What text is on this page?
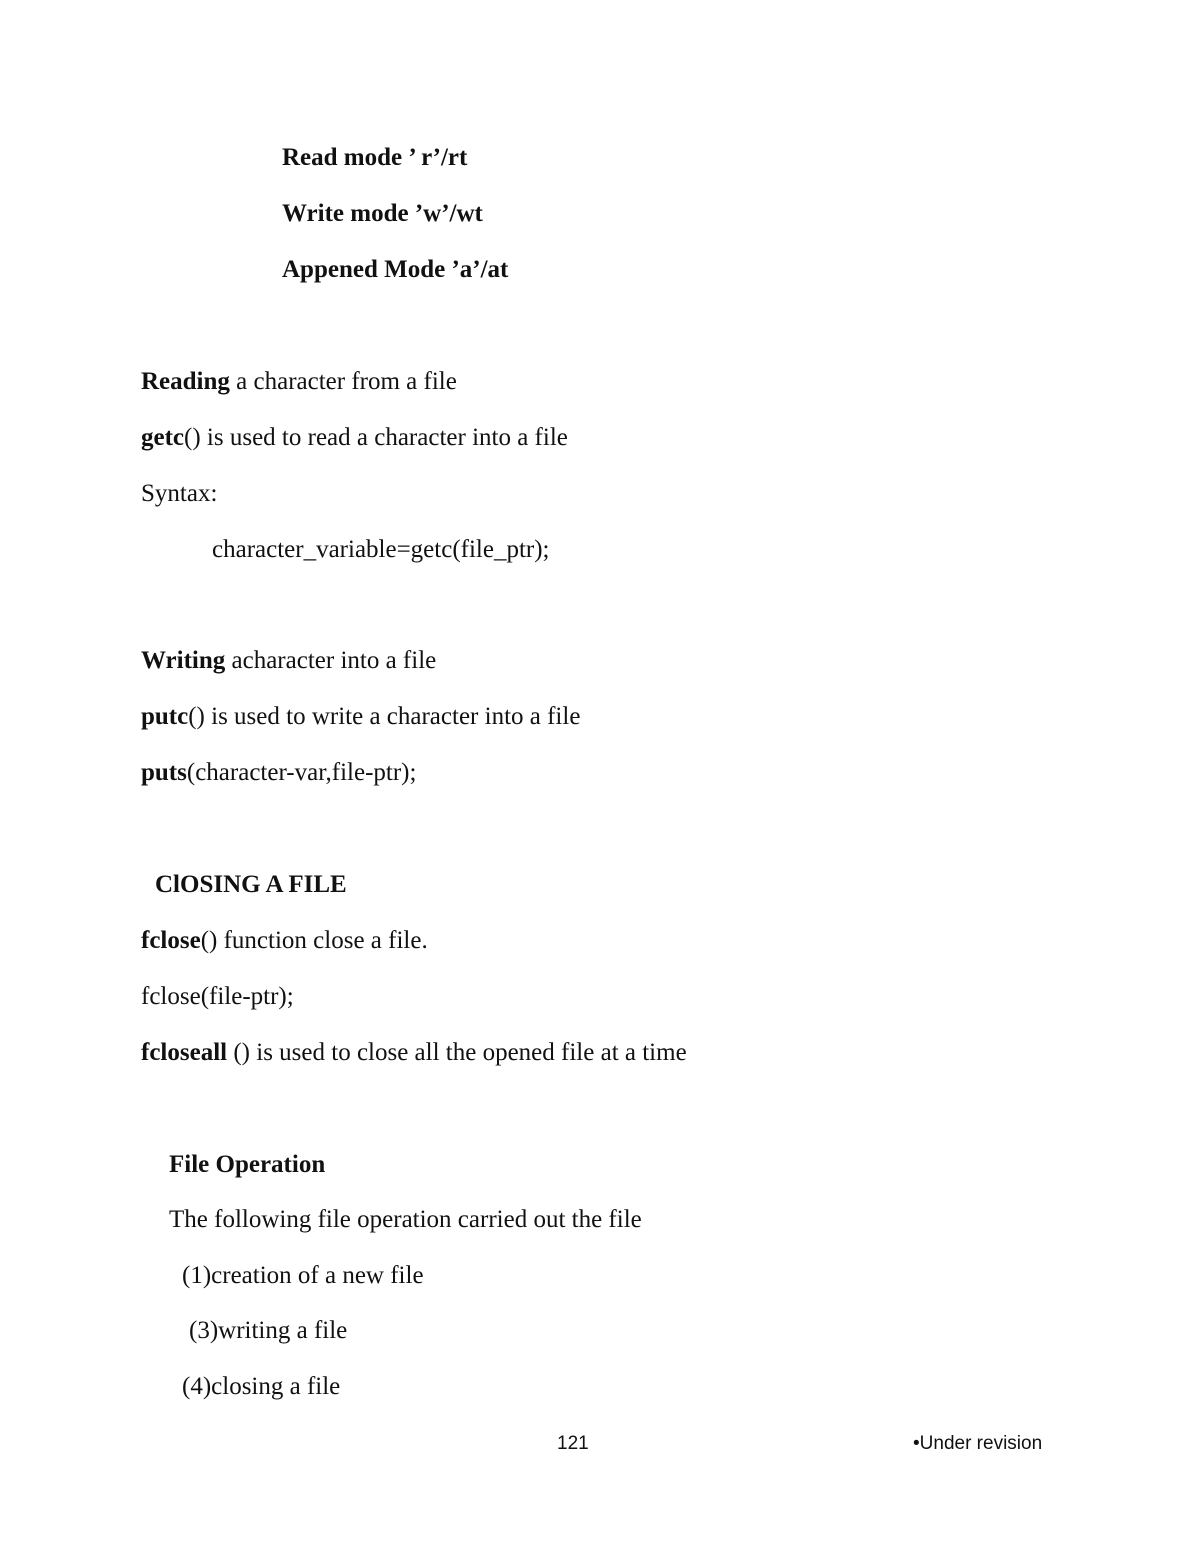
Read mode ’ r’/rt
Write mode ’w’/wt
Appened Mode ’a’/at
Reading a character from a file
getc() is used to read a character into a file
Syntax:
character_variable=getc(file_ptr);
Writing acharacter into a file
putc() is used to write a character into a file
puts(character-var,file-ptr);
ClOSING A FILE
fclose() function close a file.
fclose(file-ptr);
fcloseall () is used to close all the opened file at a time
File Operation
The following file operation carried out the file
(1)creation of a new file
(3)writing a file
(4)closing a file
121	•Under revision
